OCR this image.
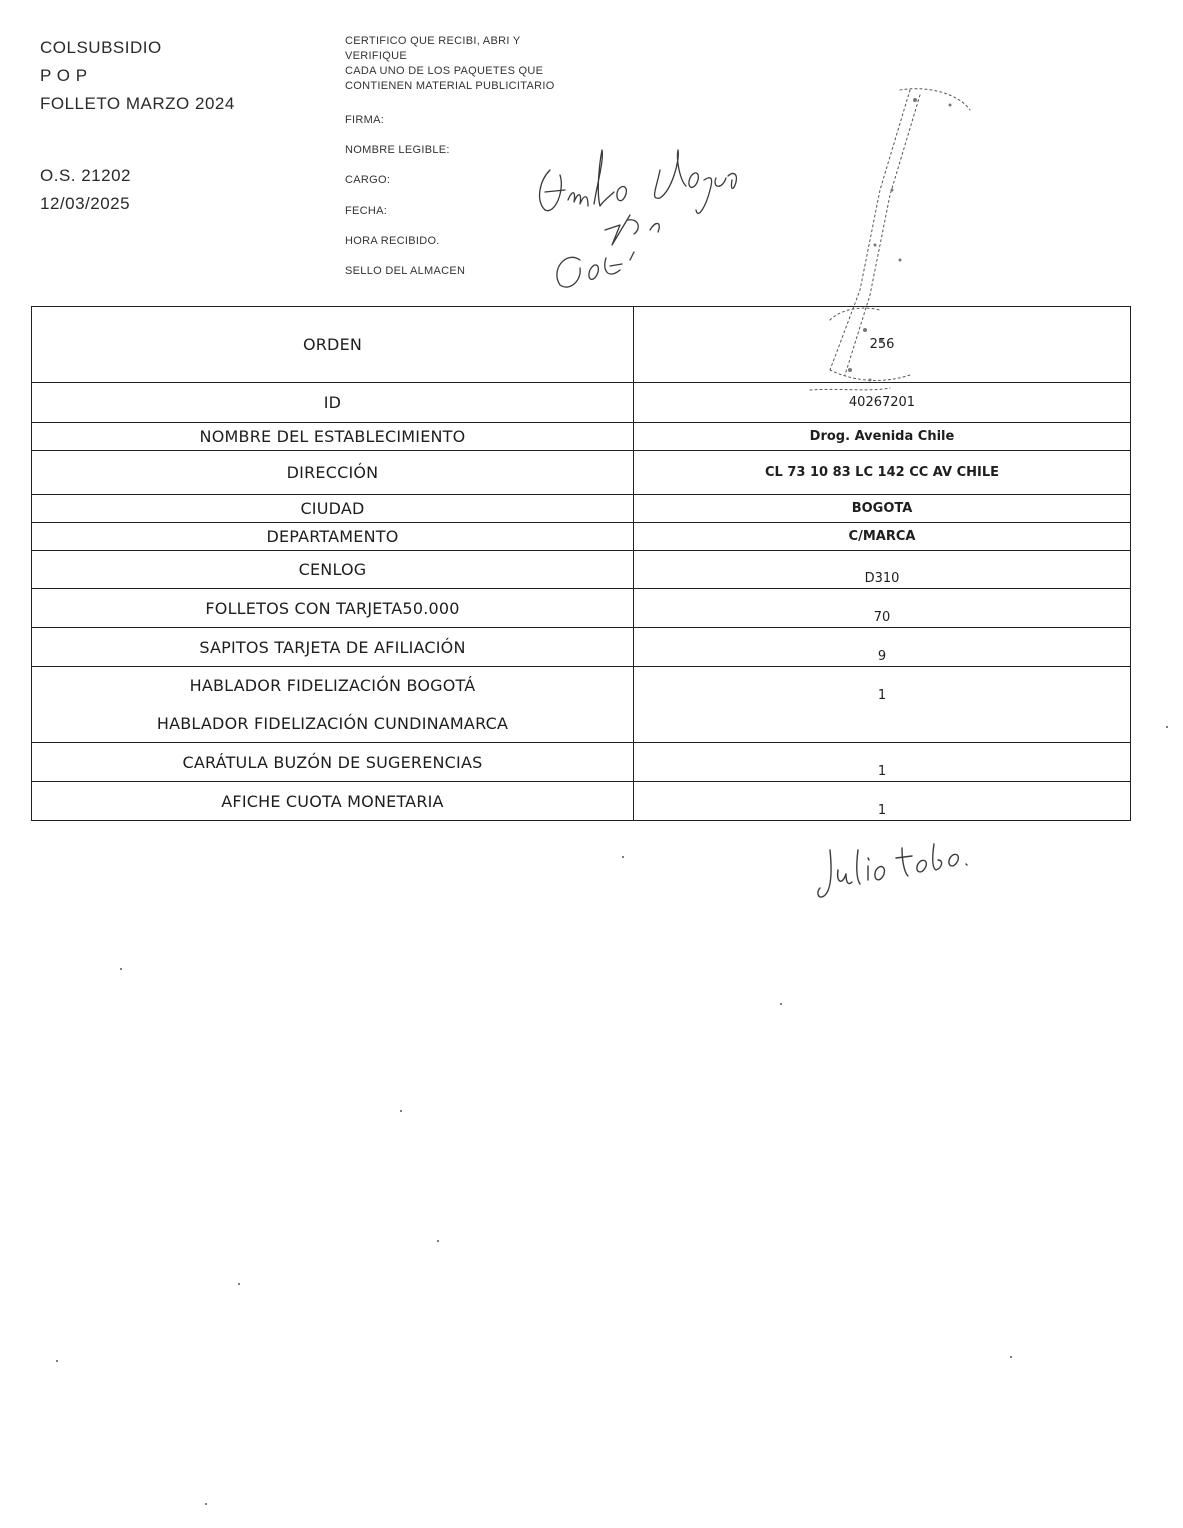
COLSUBSIDIO
P O P
FOLLETO MARZO 2024
O.S. 21202
12/03/2025
CERTIFICO QUE RECIBI, ABRI Y
VERIFIQUE
CADA UNO DE LOS PAQUETES QUE
CONTIENEN MATERIAL PUBLICITARIO
FIRMA:
NOMBRE LEGIBLE:
CARGO:
FECHA:
HORA RECIBIDO.
SELLO DEL ALMACEN
ORDEN	256
ID	40267201
NOMBRE DEL ESTABLECIMIENTO	Drog. Avenida Chile
DIRECCIÓN	CL 73 10 83 LC 142 CC AV CHILE
CIUDAD	BOGOTA
DEPARTAMENTO	C/MARCA
CENLOG	D310
FOLLETOS CON TARJETA50.000	70
SAPITOS TARJETA DE AFILIACIÓN	9
HABLADOR FIDELIZACIÓN BOGOTÁ	1
HABLADOR FIDELIZACIÓN CUNDINAMARCA	
CARÁTULA BUZÓN DE SUGERENCIAS	1
AFICHE CUOTA MONETARIA	1
